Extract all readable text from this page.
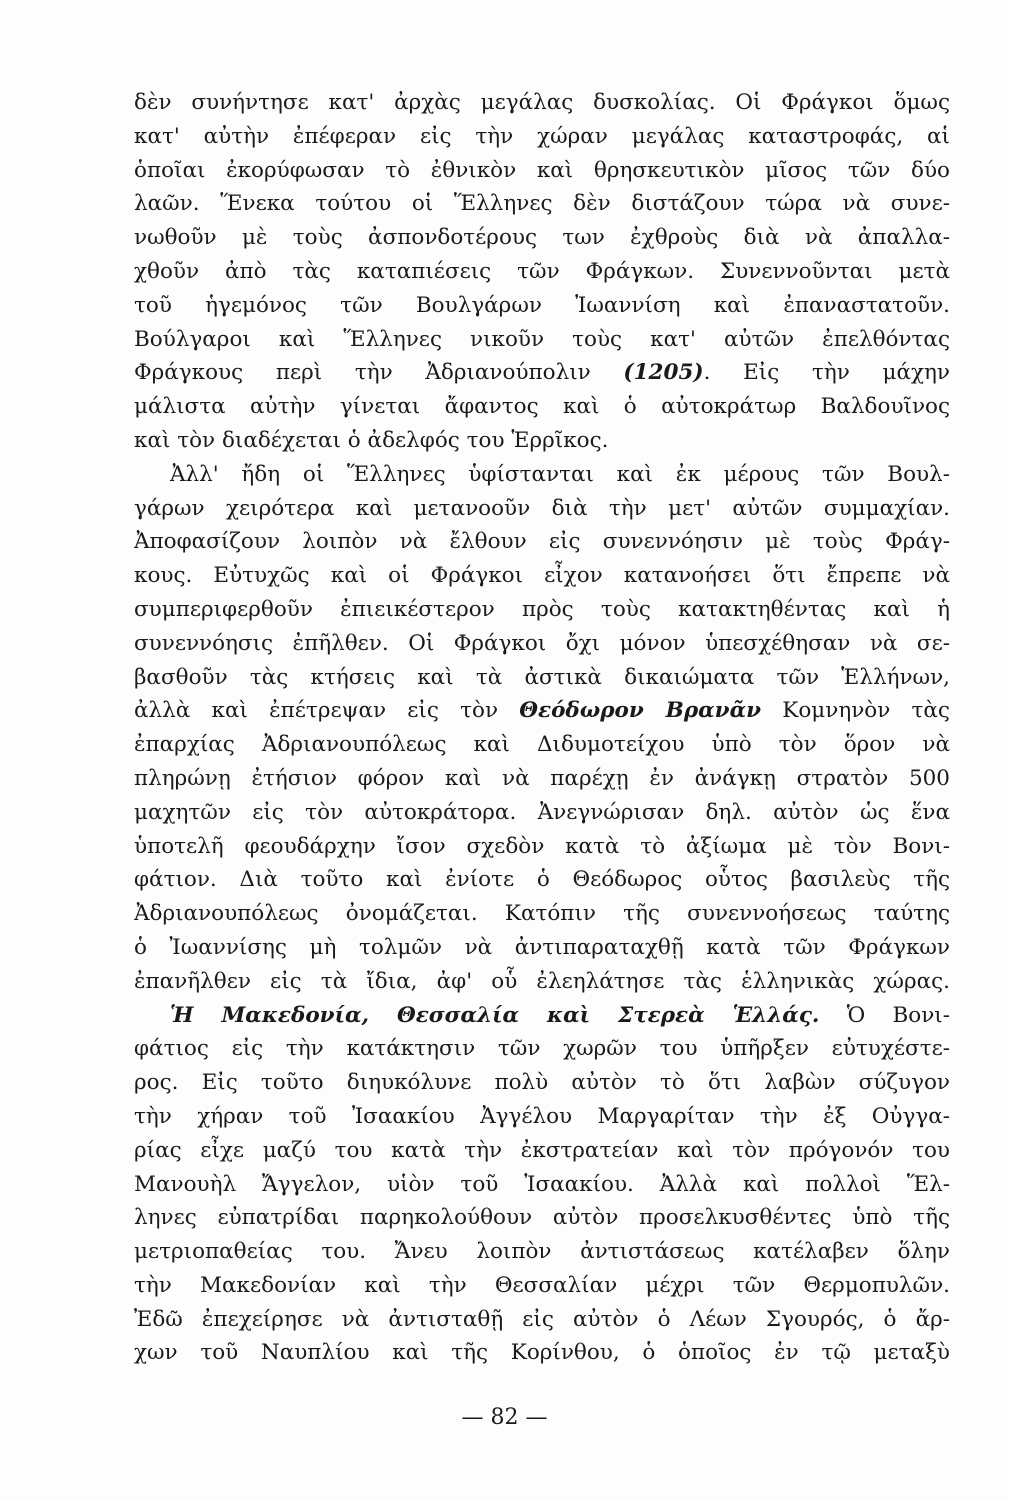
δὲν συνήντησε κατ' ἀρχὰς μεγάλας δυσκολίας. Οἱ Φράγκοι ὅμως
κατ' αὐτὴν ἐπέφεραν εἰς τὴν χώραν μεγάλας καταστροφάς, αἱ
ὁποῖαι ἐκορύφωσαν τὸ ἐθνικὸν καὶ θρησκευτικὸν μῖσος τῶν δύο
λαῶν. Ἕνεκα τούτου οἱ Ἕλληνες δὲν διστάζουν τώρα νὰ συνε-
νωθοῦν μὲ τοὺς ἀσπονδοτέρους των ἐχθροὺς διὰ νὰ ἀπαλλα-
χθοῦν ἀπὸ τὰς καταπιέσεις τῶν Φράγκων. Συνεννοῦνται μετὰ
τοῦ ἡγεμόνος τῶν Βουλγάρων Ἰωαννίση καὶ ἐπαναστατοῦν.
Βούλγαροι καὶ Ἕλληνες νικοῦν τοὺς κατ' αὐτῶν ἐπελθόντας
Φράγκους περὶ τὴν Ἀδριανούπολιν (1205). Εἰς τὴν μάχην
μάλιστα αὐτὴν γίνεται ἄφαντος καὶ ὁ αὐτοκράτωρ Βαλδουῖνος
καὶ τὸν διαδέχεται ὁ ἀδελφός του Ἑρρῖκος.
Ἀλλ' ἤδη οἱ Ἕλληνες ὑφίστανται καὶ ἐκ μέρους τῶν Βουλ-
γάρων χειρότερα καὶ μετανοοῦν διὰ τὴν μετ' αὐτῶν συμμαχίαν.
Ἀποφασίζουν λοιπὸν νὰ ἔλθουν εἰς συνεννόησιν μὲ τοὺς Φράγ-
κους. Εὐτυχῶς καὶ οἱ Φράγκοι εἶχον κατανοήσει ὅτι ἔπρεπε νὰ
συμπεριφερθοῦν ἐπιεικέστερον πρὸς τοὺς κατακτηθέντας καὶ ἡ
συνεννόησις ἐπῆλθεν. Οἱ Φράγκοι ὄχι μόνον ὑπεσχέθησαν νὰ σε-
βασθοῦν τὰς κτήσεις καὶ τὰ ἀστικὰ δικαιώματα τῶν Ἑλλήνων,
ἀλλὰ καὶ ἐπέτρεψαν εἰς τὸν Θεόδωρον Βρανᾶν Κομνηνὸν τὰς
ἐπαρχίας Ἀδριανουπόλεως καὶ Διδυμοτείχου ὑπὸ τὸν ὅρον νὰ
πληρώνῃ ἐτήσιον φόρον καὶ νὰ παρέχῃ ἐν ἀνάγκῃ στρατὸν 500
μαχητῶν εἰς τὸν αὐτοκράτορα. Ἀνεγνώρισαν δηλ. αὐτὸν ὡς ἕνα
ὑποτελῆ φεουδάρχην ἴσον σχεδὸν κατὰ τὸ ἀξίωμα μὲ τὸν Βονι-
φάτιον. Διὰ τοῦτο καὶ ἐνίοτε ὁ Θεόδωρος οὗτος βασιλεὺς τῆς
Ἀδριανουπόλεως ὀνομάζεται. Κατόπιν τῆς συνεννοήσεως ταύτης
ὁ Ἰωαννίσης μὴ τολμῶν νὰ ἀντιπαραταχθῇ κατὰ τῶν Φράγκων
ἐπανῆλθεν εἰς τὰ ἴδια, ἀφ' οὗ ἐλεηλάτησε τὰς ἑλληνικὰς χώρας.
Ἡ Μακεδονία, Θεσσαλία καὶ Στερεὰ Ἑλλάς. Ὁ Βονι-
φάτιος εἰς τὴν κατάκτησιν τῶν χωρῶν του ὑπῆρξεν εὐτυχέστε-
ρος. Εἰς τοῦτο διηυκόλυνε πολὺ αὐτὸν τὸ ὅτι λαβὼν σύζυγον
τὴν χήραν τοῦ Ἰσαακίου Ἀγγέλου Μαργαρίταν τὴν ἐξ Οὐγγα-
ρίας εἶχε μαζύ του κατὰ τὴν ἐκστρατείαν καὶ τὸν πρόγονόν του
Μανουὴλ Ἄγγελον, υἱὸν τοῦ Ἰσαακίου. Ἀλλὰ καὶ πολλοὶ Ἕλ-
ληνες εὐπατρίδαι παρηκολούθουν αὐτὸν προσελκυσθέντες ὑπὸ τῆς
μετριοπαθείας του. Ἄνευ λοιπὸν ἀντιστάσεως κατέλαβεν ὅλην
τὴν Μακεδονίαν καὶ τὴν Θεσσαλίαν μέχρι τῶν Θερμοπυλῶν.
Ἐδῶ ἐπεχείρησε νὰ ἀντισταθῇ εἰς αὐτὸν ὁ Λέων Σγουρός, ὁ ἄρ-
χων τοῦ Ναυπλίου καὶ τῆς Κορίνθου, ὁ ὁποῖος ἐν τῷ μεταξὺ
— 82 —
